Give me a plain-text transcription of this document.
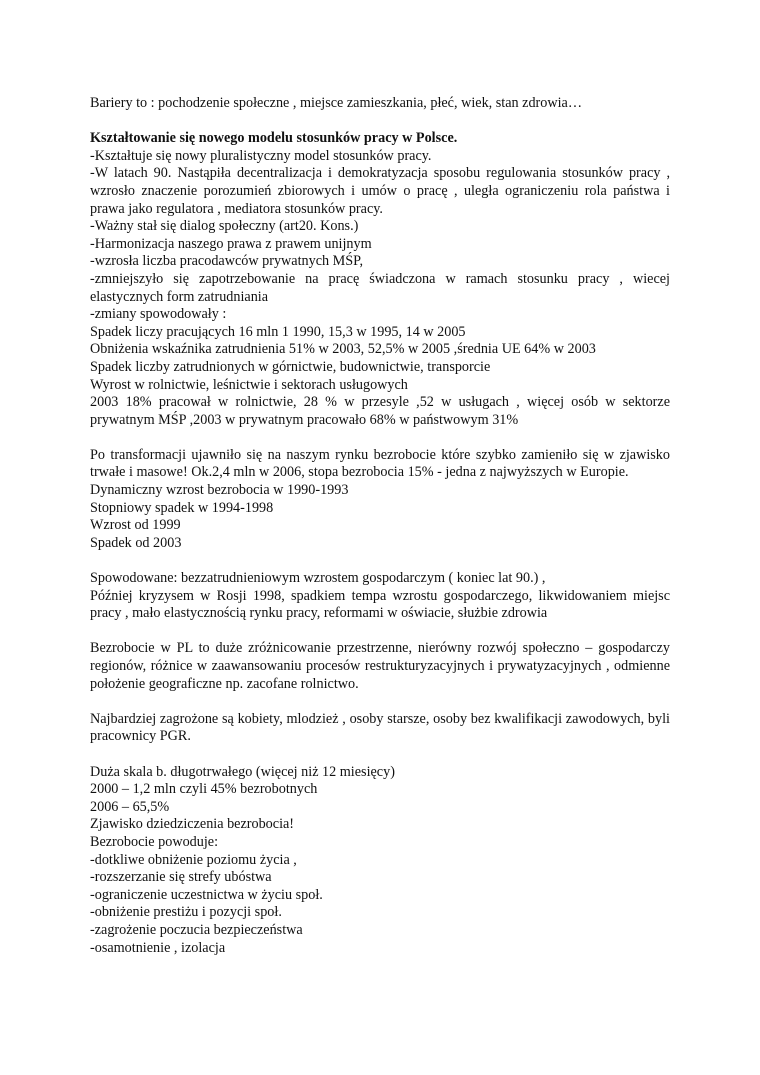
Bariery to : pochodzenie społeczne , miejsce zamieszkania, płeć, wiek, stan zdrowia…
Kształtowanie się nowego modelu stosunków pracy w Polsce.
-Kształtuje się nowy pluralistyczny model stosunków pracy.
-W latach 90. Nastąpiła decentralizacja i demokratyzacja sposobu regulowania stosunków pracy , wzrosło znaczenie porozumień zbiorowych i umów o pracę , uległa ograniczeniu rola państwa i prawa jako regulatora , mediatora stosunków pracy.
-Ważny stał się dialog społeczny (art20. Kons.)
-Harmonizacja naszego prawa z prawem unijnym
-wzrosła liczba pracodawców prywatnych MŚP,
-zmniejszyło się zapotrzebowanie na pracę świadczona w ramach stosunku pracy , wiecej elastycznych form zatrudniania
-zmiany spowodowały :
Spadek liczy pracujących 16 mln 1 1990, 15,3 w 1995, 14 w 2005
Obniżenia wskaźnika zatrudnienia 51% w 2003, 52,5% w 2005 ,średnia UE 64% w 2003
Spadek liczby zatrudnionych w górnictwie, budownictwie, transporcie
Wyrost w rolnictwie, leśnictwie i sektorach usługowych
2003 18% pracował w rolnictwie, 28 % w przesyle ,52 w usługach , więcej osób w sektorze prywatnym MŚP ,2003 w prywatnym pracowało 68% w państwowym 31%
Po transformacji ujawniło się na naszym rynku bezrobocie które szybko zamieniło się w zjawisko trwałe i masowe! Ok.2,4 mln w 2006, stopa bezrobocia 15% - jedna z najwyższych w Europie.
Dynamiczny wzrost bezrobocia w 1990-1993
Stopniowy spadek w 1994-1998
Wzrost od 1999
Spadek od 2003
Spowodowane: bezzatrudnieniowym wzrostem gospodarczym ( koniec lat 90.) ,
Później kryzysem w Rosji 1998, spadkiem tempa wzrostu gospodarczego, likwidowaniem miejsc pracy , mało elastycznością rynku pracy, reformami w oświacie, służbie zdrowia
Bezrobocie w PL to duże zróżnicowanie przestrzenne, nierówny rozwój społeczno – gospodarczy regionów, różnice w zaawansowaniu procesów restrukturyzacyjnych i prywatyzacyjnych , odmienne położenie geograficzne np. zacofane rolnictwo.
Najbardziej zagrożone są kobiety, mlodzież , osoby starsze, osoby bez kwalifikacji zawodowych, byli pracownicy PGR.
Duża skala b. długotrwałego (więcej niż 12 miesięcy)
2000 – 1,2 mln czyli 45% bezrobotnych
2006 – 65,5%
Zjawisko dziedziczenia bezrobocia!
Bezrobocie powoduje:
-dotkliwe obniżenie poziomu życia ,
-rozszerzanie się strefy ubóstwa
-ograniczenie uczestnictwa w życiu społ.
-obniżenie prestiżu i pozycji społ.
-zagrożenie poczucia bezpieczeństwa
-osamotnienie , izolacja
